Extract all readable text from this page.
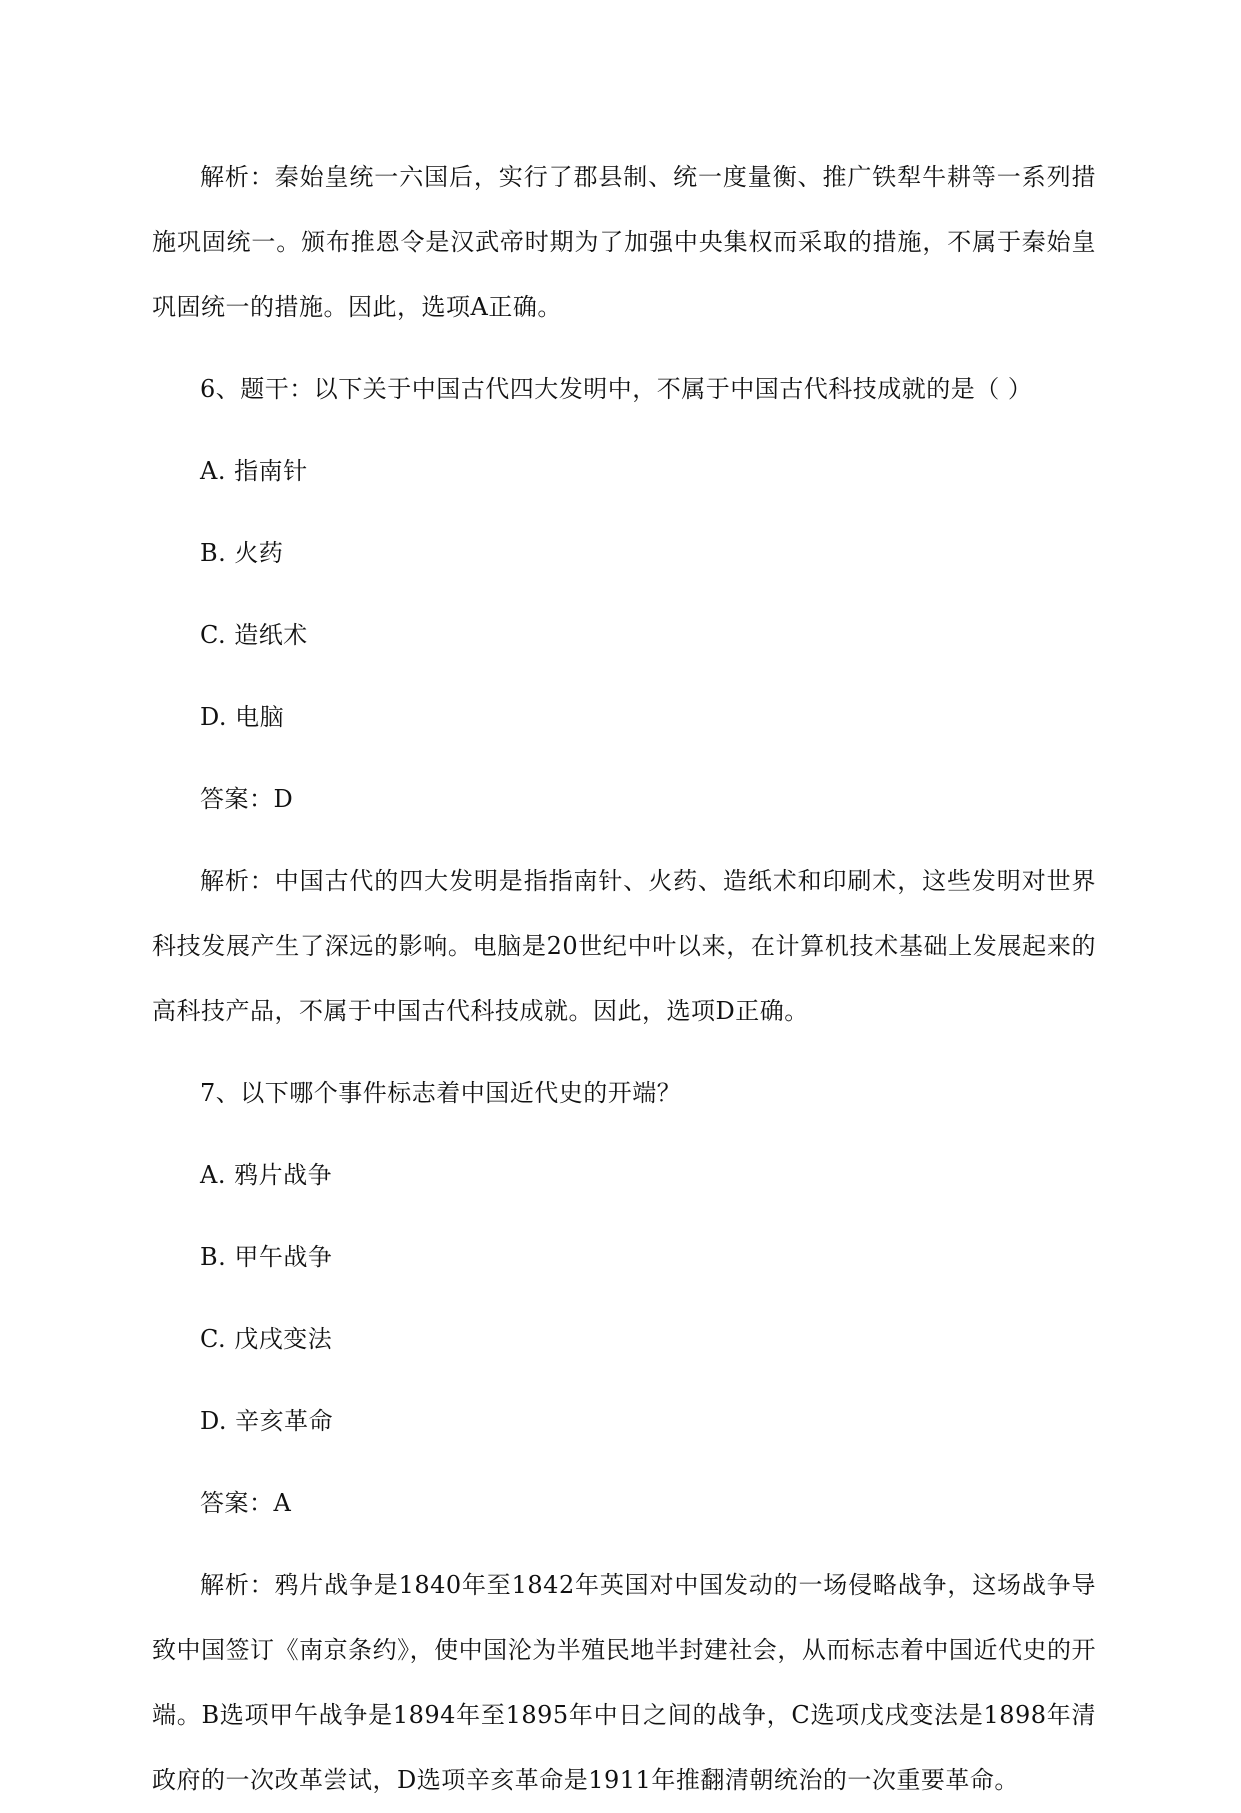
解析：秦始皇统一六国后，实行了郡县制、统一度量衡、推广铁犁牛耕等一系列措施巩固统一。颁布推恩令是汉武帝时期为了加强中央集权而采取的措施，不属于秦始皇巩固统一的措施。因此，选项A正确。

6、题干：以下关于中国古代四大发明中，不属于中国古代科技成就的是（ ）

A. 指南针

B. 火药

C. 造纸术

D. 电脑

答案：D

解析：中国古代的四大发明是指指南针、火药、造纸术和印刷术，这些发明对世界科技发展产生了深远的影响。电脑是20世纪中叶以来，在计算机技术基础上发展起来的高科技产品，不属于中国古代科技成就。因此，选项D正确。

7、以下哪个事件标志着中国近代史的开端？

A. 鸦片战争

B. 甲午战争

C. 戊戌变法

D. 辛亥革命

答案：A

解析：鸦片战争是1840年至1842年英国对中国发动的一场侵略战争，这场战争导致中国签订《南京条约》，使中国沦为半殖民地半封建社会，从而标志着中国近代史的开端。B选项甲午战争是1894年至1895年中日之间的战争，C选项戊戌变法是1898年清政府的一次改革尝试，D选项辛亥革命是1911年推翻清朝统治的一次重要革命。
